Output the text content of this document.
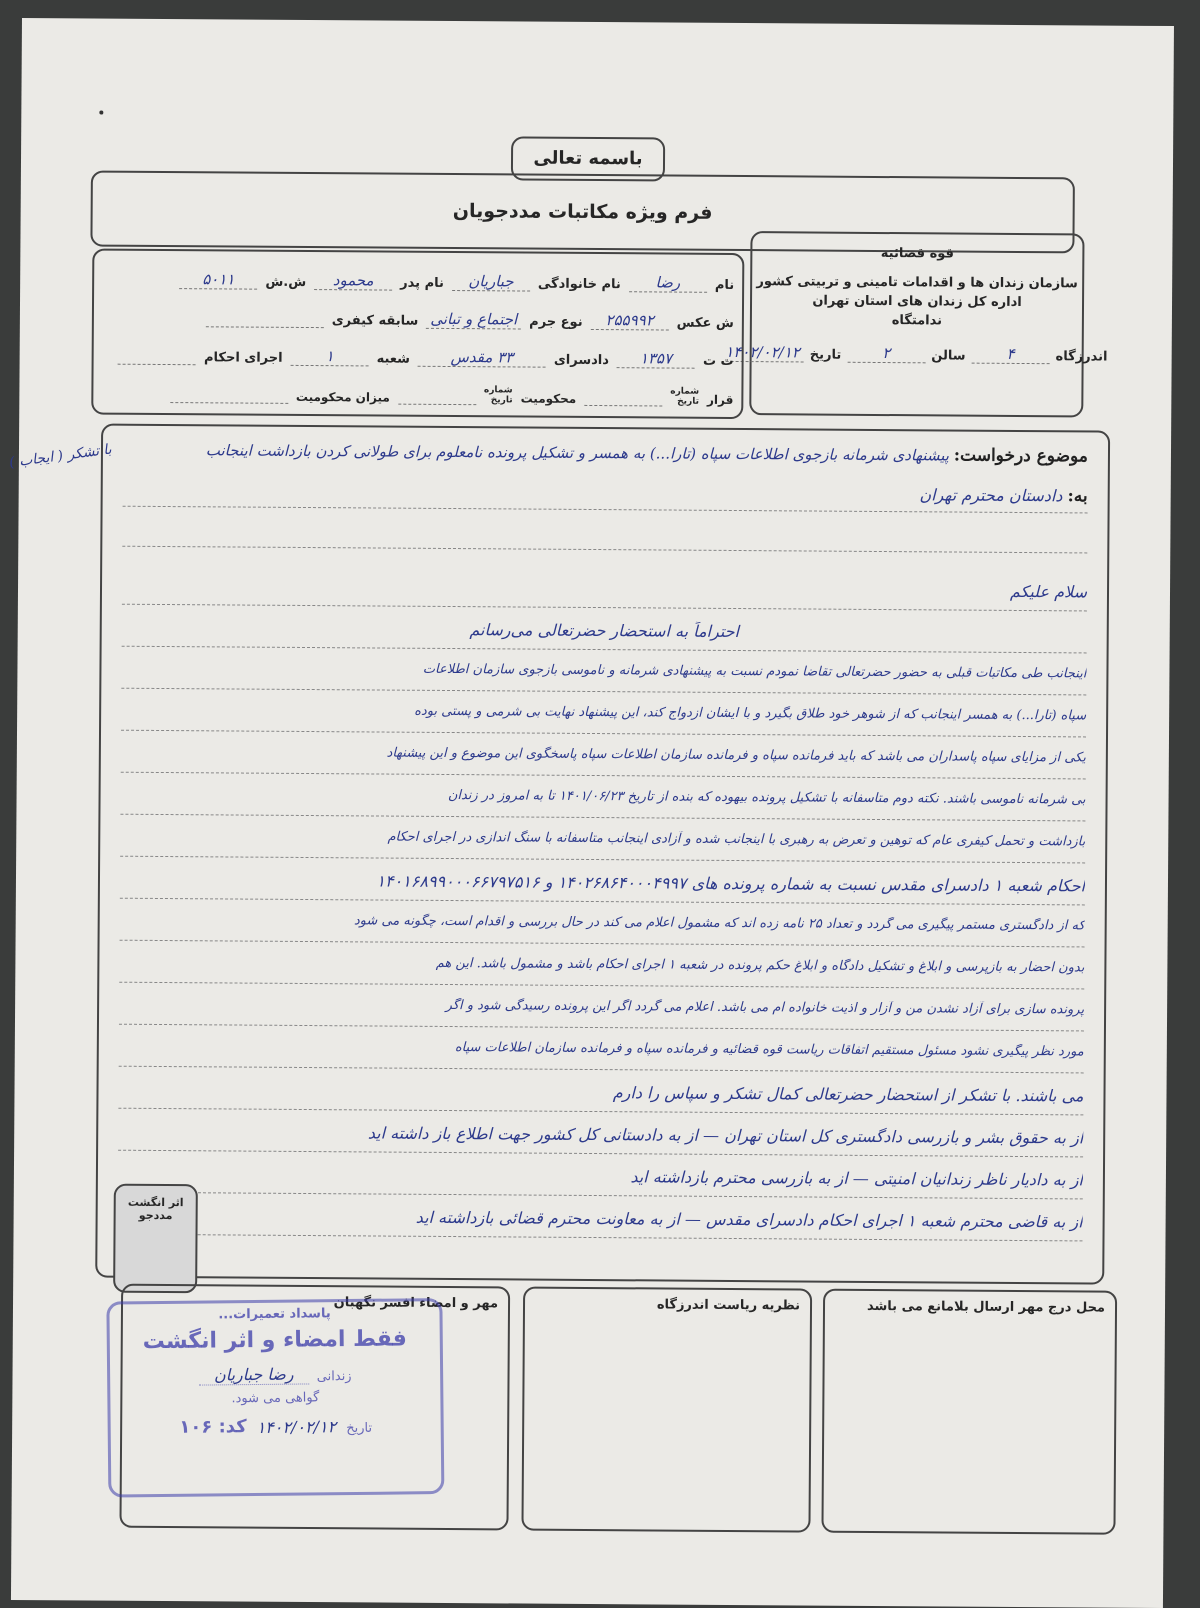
باسمه تعالی
فرم ویژه مکاتبات مددجویان
قوه قضائیه
سازمان زندان ها و اقدامات تامینی و تربیتی کشور
اداره کل زندان های استان تهران
ندامتگاه
اندرزگاه
۴
سالن
۲
تاریخ
۱۴۰۲/۰۲/۱۲
نام
رضا
نام خانوادگی
جباریان
نام پدر
محمود
ش.ش
۵۰۱۱
ش عکس
۲۵۵۹۹۲
نوع جرم
اجتماع و تبانی
سابقه کیفری
ت ت
۱۳۵۷
دادسرای
۳۳ مقدس
شعبه
۱
اجرای احکام
قرار
شماره
تاریخ
محکومیت
شماره
تاریخ
میزان محکومیت
موضوع درخواست: پیشنهادی شرمانه بازجوی اطلاعات سپاه (تارا...) به همسر و تشکیل پرونده نامعلوم برای طولانی کردن بازداشت اینجانب
به: دادستان محترم تهران
سلام علیکم
احتراماً به استحضار حضرتعالی می‌رسانم
اینجانب طی مکاتبات قبلی به حضور حضرتعالی تقاضا نمودم نسبت به پیشنهادی شرمانه و ناموسی بازجوی سازمان اطلاعات
سپاه (تارا...) به همسر اینجانب که از شوهر خود طلاق بگیرد و با ایشان ازدواج کند، این پیشنهاد نهایت بی شرمی و پستی بوده
یکی از مزایای سپاه پاسداران می باشد که باید فرمانده سپاه و فرمانده سازمان اطلاعات سپاه پاسخگوی این موضوع و این پیشنهاد
بی شرمانه ناموسی باشند. نکته دوم متاسفانه با تشکیل پرونده بیهوده که بنده از تاریخ ۱۴۰۱/۰۶/۲۳ تا به امروز در زندان
بازداشت و تحمل کیفری عام که توهین و تعرض به رهبری با اینجانب شده و آزادی اینجانب متاسفانه با سنگ اندازی در اجرای احکام
احکام شعبه ۱ دادسرای مقدس نسبت به شماره پرونده های ۱۴۰۲۶۸۶۴۰۰۰۴۹۹۷ و ۱۴۰۱۶۸۹۹۰۰۰۶۶۷۹۷۵۱۶
که از دادگستری مستمر پیگیری می گردد و تعداد ۲۵ نامه زده اند که مشمول اعلام می کند در حال بررسی و اقدام است، چگونه می شود
بدون احضار به بازپرسی و ابلاغ و تشکیل دادگاه و ابلاغ حکم پرونده در شعبه ۱ اجرای احکام باشد و مشمول باشد. این هم
پرونده سازی برای آزاد نشدن من و آزار و اذیت خانواده ام می باشد. اعلام می گردد اگر این پرونده رسیدگی شود و اگر
مورد نظر پیگیری نشود مسئول مستقیم اتفاقات ریاست قوه قضائیه و فرمانده سپاه و فرمانده سازمان اطلاعات سپاه
می باشند. با تشکر از استحضار حضرتعالی کمال تشکر و سپاس را دارم
از به حقوق بشر و بازرسی دادگستری کل استان تهران — از به دادستانی کل کشور جهت اطلاع باز داشته اید
از به دادیار ناظر زندانیان امنیتی — از به بازرسی محترم بازداشته اید
از به قاضی محترم شعبه ۱ اجرای احکام دادسرای مقدس — از به معاونت محترم قضائی بازداشته اید
با تشکر ( ایجاب )
اثر انگشت
مددجو
محل درج مهر ارسال بلامانع می باشد
نظریه ریاست اندرزگاه
مهر و امضاء افسر نگهبان
پاسداد تعمیرات...
فقط امضاء و اثر انگشت
زندانی
رضا جباریان
گواهی می شود.
تاریخ
۱۴۰۲/۰۲/۱۲
کد: ۱۰۶
